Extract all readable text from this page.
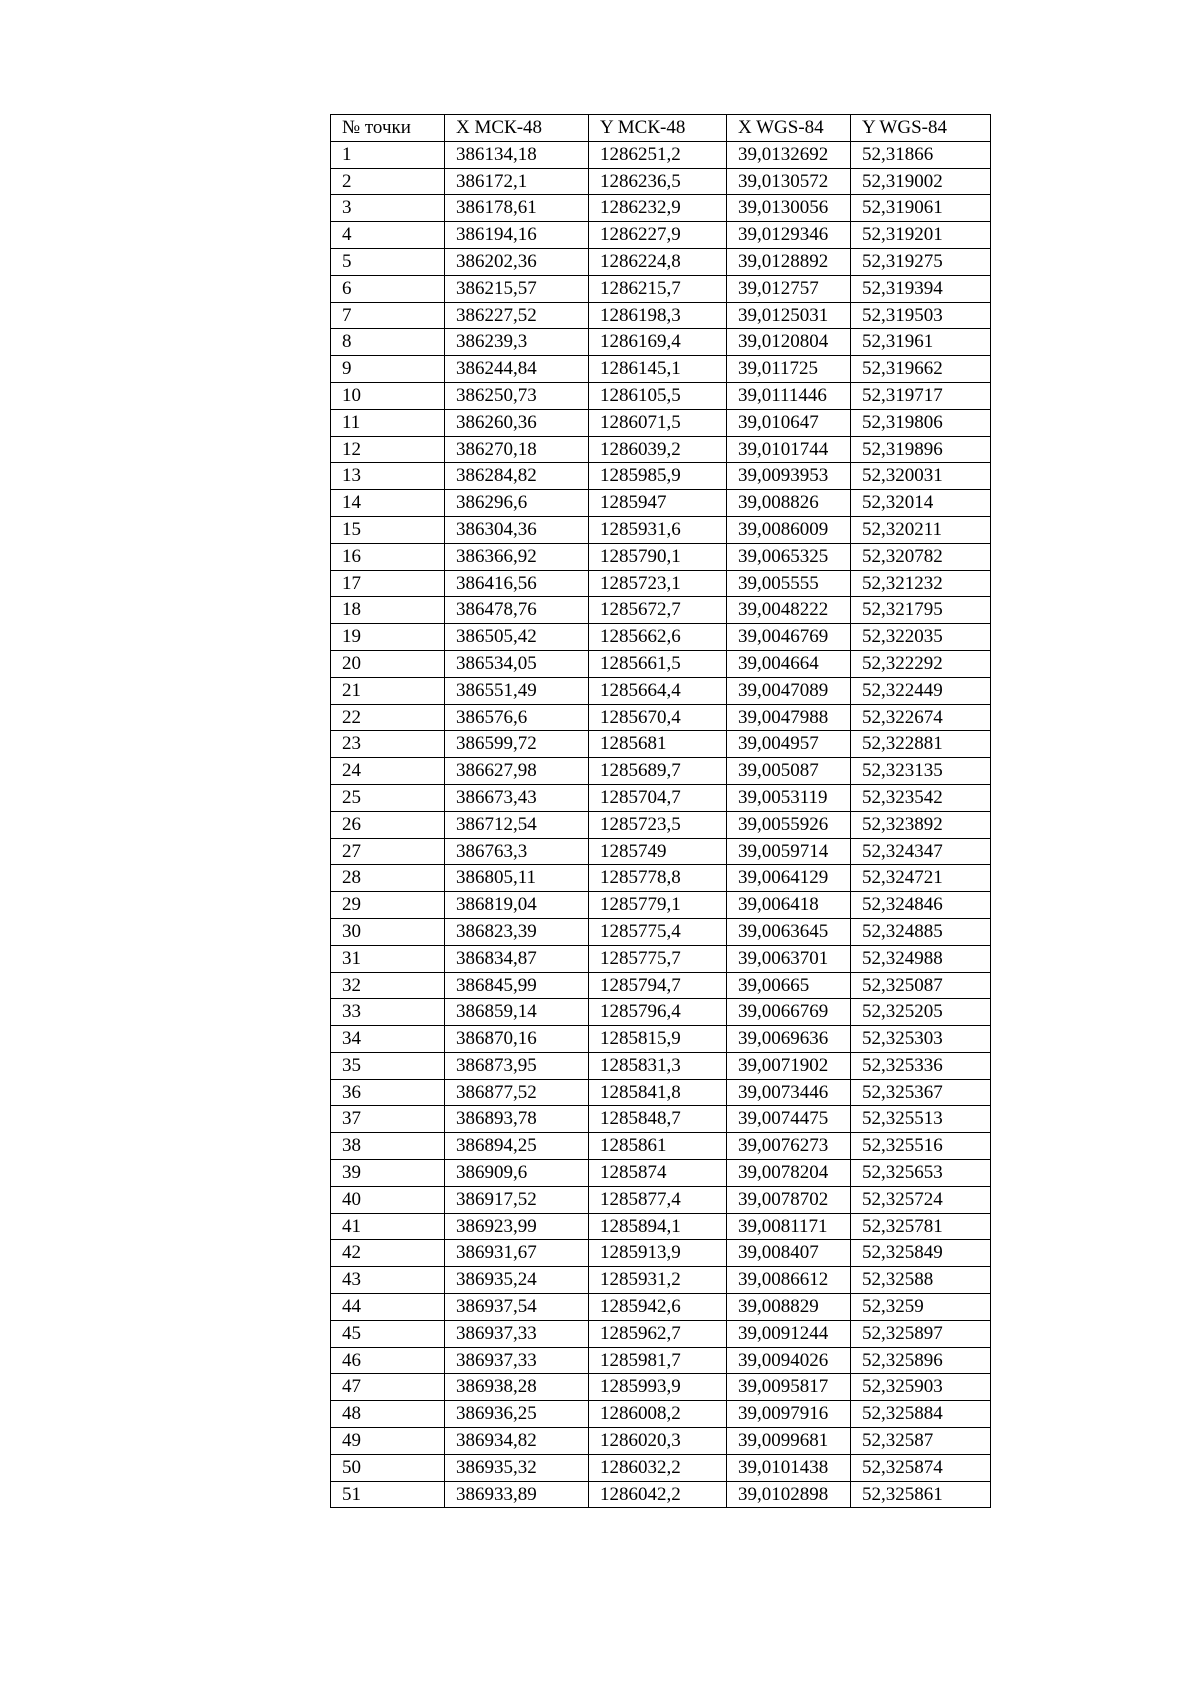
№ точки	X МСК-48	Y МСК-48	X WGS-84	Y WGS-84
1	386134,18	1286251,2	39,0132692	52,31866
2	386172,1	1286236,5	39,0130572	52,319002
3	386178,61	1286232,9	39,0130056	52,319061
4	386194,16	1286227,9	39,0129346	52,319201
5	386202,36	1286224,8	39,0128892	52,319275
6	386215,57	1286215,7	39,012757	52,319394
7	386227,52	1286198,3	39,0125031	52,319503
8	386239,3	1286169,4	39,0120804	52,31961
9	386244,84	1286145,1	39,011725	52,319662
10	386250,73	1286105,5	39,0111446	52,319717
11	386260,36	1286071,5	39,010647	52,319806
12	386270,18	1286039,2	39,0101744	52,319896
13	386284,82	1285985,9	39,0093953	52,320031
14	386296,6	1285947	39,008826	52,32014
15	386304,36	1285931,6	39,0086009	52,320211
16	386366,92	1285790,1	39,0065325	52,320782
17	386416,56	1285723,1	39,005555	52,321232
18	386478,76	1285672,7	39,0048222	52,321795
19	386505,42	1285662,6	39,0046769	52,322035
20	386534,05	1285661,5	39,004664	52,322292
21	386551,49	1285664,4	39,0047089	52,322449
22	386576,6	1285670,4	39,0047988	52,322674
23	386599,72	1285681	39,004957	52,322881
24	386627,98	1285689,7	39,005087	52,323135
25	386673,43	1285704,7	39,0053119	52,323542
26	386712,54	1285723,5	39,0055926	52,323892
27	386763,3	1285749	39,0059714	52,324347
28	386805,11	1285778,8	39,0064129	52,324721
29	386819,04	1285779,1	39,006418	52,324846
30	386823,39	1285775,4	39,0063645	52,324885
31	386834,87	1285775,7	39,0063701	52,324988
32	386845,99	1285794,7	39,00665	52,325087
33	386859,14	1285796,4	39,0066769	52,325205
34	386870,16	1285815,9	39,0069636	52,325303
35	386873,95	1285831,3	39,0071902	52,325336
36	386877,52	1285841,8	39,0073446	52,325367
37	386893,78	1285848,7	39,0074475	52,325513
38	386894,25	1285861	39,0076273	52,325516
39	386909,6	1285874	39,0078204	52,325653
40	386917,52	1285877,4	39,0078702	52,325724
41	386923,99	1285894,1	39,0081171	52,325781
42	386931,67	1285913,9	39,008407	52,325849
43	386935,24	1285931,2	39,0086612	52,32588
44	386937,54	1285942,6	39,008829	52,3259
45	386937,33	1285962,7	39,0091244	52,325897
46	386937,33	1285981,7	39,0094026	52,325896
47	386938,28	1285993,9	39,0095817	52,325903
48	386936,25	1286008,2	39,0097916	52,325884
49	386934,82	1286020,3	39,0099681	52,32587
50	386935,32	1286032,2	39,0101438	52,325874
51	386933,89	1286042,2	39,0102898	52,325861
